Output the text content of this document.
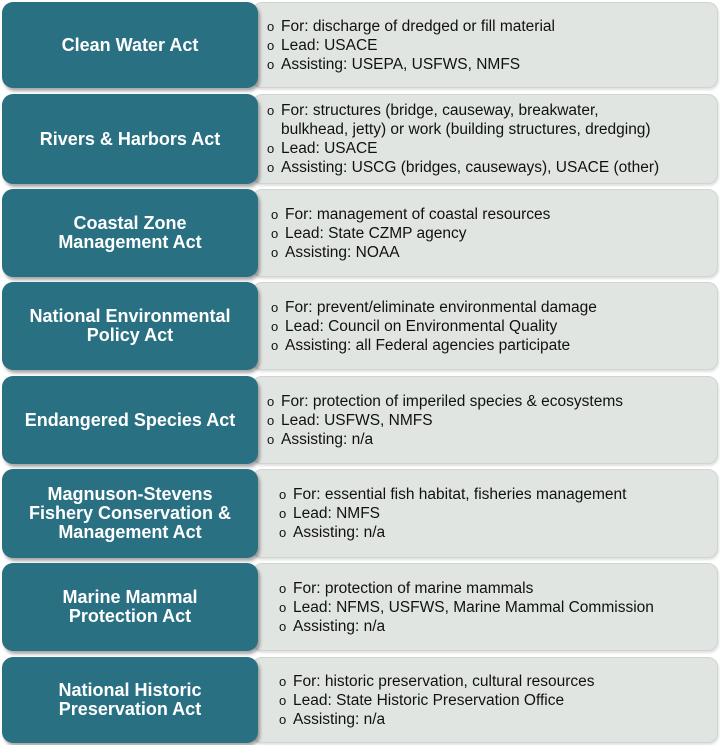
o For: discharge of dredged or fill material
o Lead: USACE
o Assisting: USEPA, USFWS, NMFS
Clean Water Act
o For: structures (bridge, causeway, breakwater,
bulkhead, jetty) or work (building structures, dredging)
o Lead: USACE
o Assisting: USCG (bridges, causeways), USACE (other)
Rivers & Harbors Act
o For: management of coastal resources
o Lead: State CZMP agency
o Assisting: NOAA
Coastal Zone
Management Act
o For: prevent/eliminate environmental damage
o Lead: Council on Environmental Quality
o Assisting: all Federal agencies participate
National Environmental
Policy Act
o For: protection of imperiled species & ecosystems
o Lead: USFWS, NMFS
o Assisting: n/a
Endangered Species Act
o For: essential fish habitat, fisheries management
o Lead: NMFS
o Assisting: n/a
Magnuson-Stevens
Fishery Conservation &
Management Act
o For: protection of marine mammals
o Lead: NFMS, USFWS, Marine Mammal Commission
o Assisting: n/a
Marine Mammal
Protection Act
o For: historic preservation, cultural resources
o Lead: State Historic Preservation Office
o Assisting: n/a
National Historic
Preservation Act
